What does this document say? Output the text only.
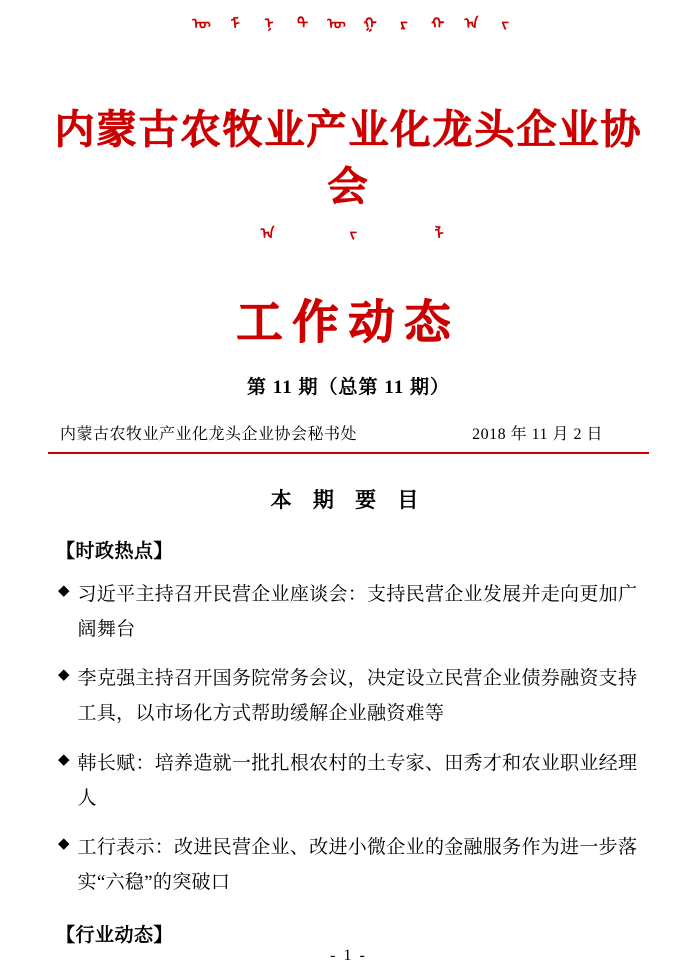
ᠦ ᠮ ᠨ ᠲ ᠦ ᠭ ᠷ ᠬ ᠠ ᠵ
内蒙古农牧业产业化龙头企业协会
ᠠ	ᠵ	ᠯ
工作动态
第 11 期（总第 11 期）
内蒙古农牧业产业化龙头企业协会秘书处	2018 年 11 月 2 日
本 期 要 目
【时政热点】
◆ 习近平主持召开民营企业座谈会：支持民营企业发展并走向更加广阔舞台
◆ 李克强主持召开国务院常务会议，决定设立民营企业债券融资支持工具，以市场化方式帮助缓解企业融资难等
◆ 韩长赋：培养造就一批扎根农村的土专家、田秀才和农业职业经理人
◆ 工行表示：改进民营企业、改进小微企业的金融服务作为进一步落实“六稳”的突破口
【行业动态】
- 1 -
